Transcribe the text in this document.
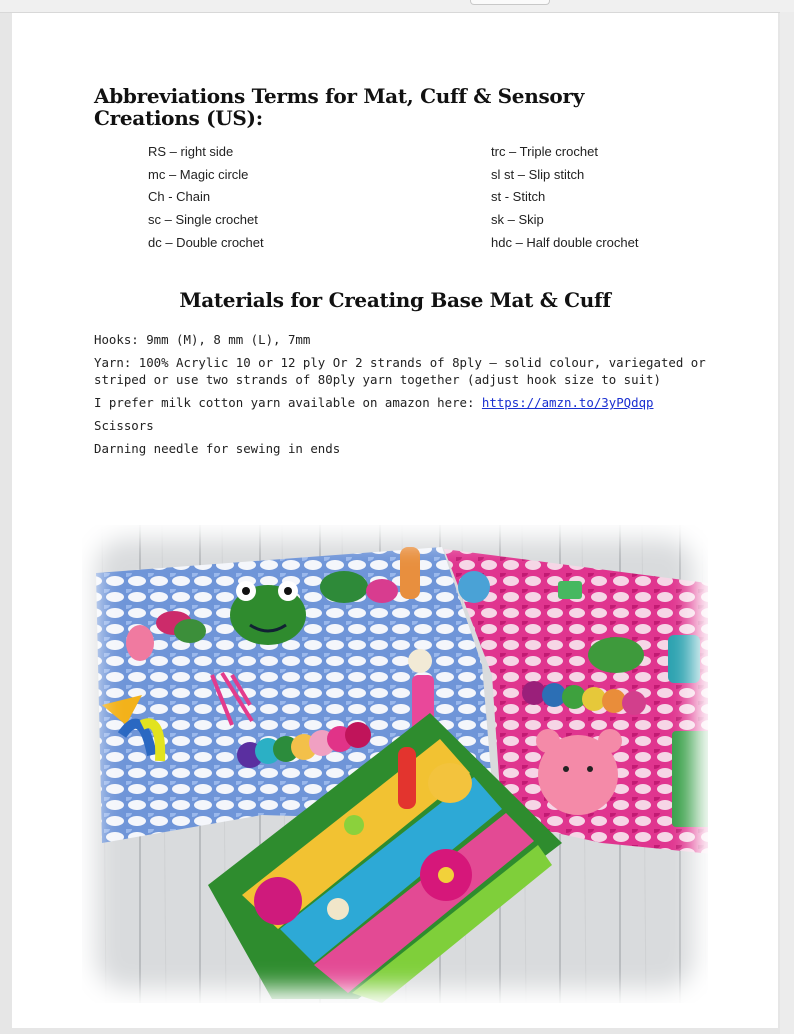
Abbreviations Terms for Mat, Cuff & Sensory Creations (US):
RS – right side
mc – Magic circle
Ch - Chain
sc – Single crochet
dc – Double crochet
trc – Triple crochet
sl st – Slip stitch
st - Stitch
sk – Skip
hdc – Half double crochet
Materials for Creating Base Mat & Cuff

Hooks: 9mm (M), 8 mm (L), 7mm

Yarn: 100% Acrylic 10 or 12 ply Or 2 strands of 8ply – solid colour, variegated or striped or use two strands of 80ply yarn together (adjust hook size to suit)

I prefer milk cotton yarn available on amazon here: https://amzn.to/3yPQdqp

Scissors

Darning needle for sewing in ends
